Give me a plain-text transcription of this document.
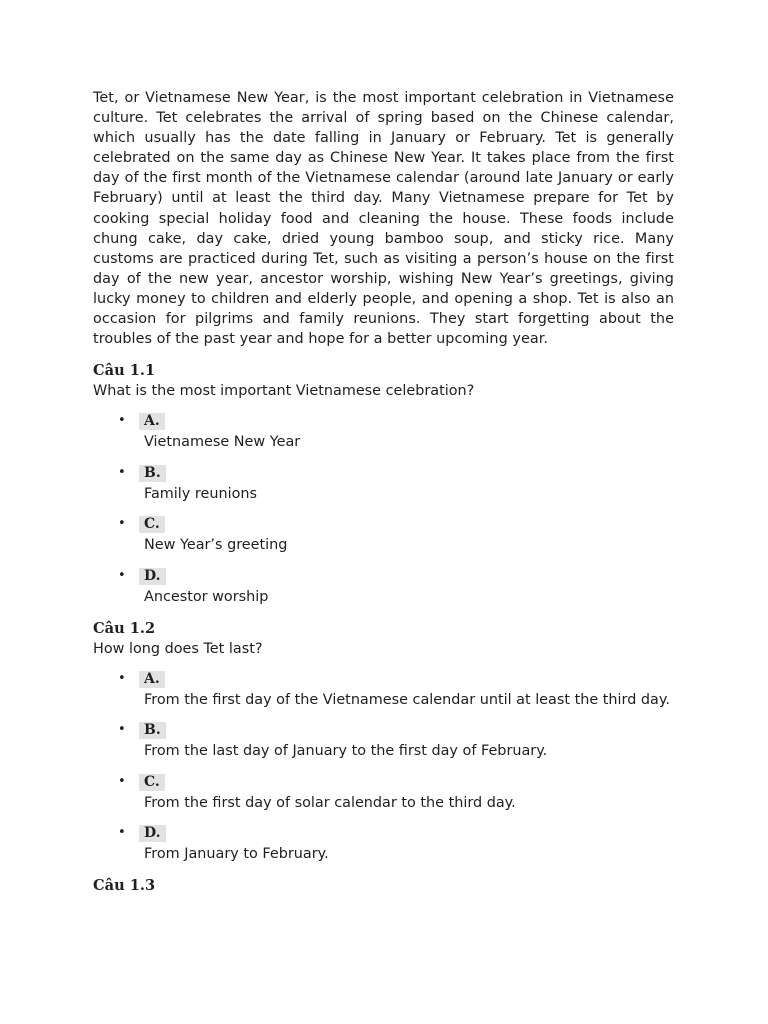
Tet, or Vietnamese New Year, is the most important celebration in Vietnamese culture. Tet celebrates the arrival of spring based on the Chinese calendar, which usually has the date falling in January or February. Tet is generally celebrated on the same day as Chinese New Year. It takes place from the first day of the first month of the Vietnamese calendar (around late January or early February) until at least the third day. Many Vietnamese prepare for Tet by cooking special holiday food and cleaning the house. These foods include chung cake, day cake, dried young bamboo soup, and sticky rice. Many customs are practiced during Tet, such as visiting a person’s house on the first day of the new year, ancestor worship, wishing New Year’s greetings, giving lucky money to children and elderly people, and opening a shop. Tet is also an occasion for pilgrims and family reunions. They start forgetting about the troubles of the past year and hope for a better upcoming year.

Câu 1.1

What is the most important Vietnamese celebration?

• A.
Vietnamese New Year
• B.
Family reunions
• C.
New Year’s greeting
• D.
Ancestor worship

Câu 1.2

How long does Tet last?

• A.
From the first day of the Vietnamese calendar until at least the third day.
• B.
From the last day of January to the first day of February.
• C.
From the first day of solar calendar to the third day.
• D.
From January to February.

Câu 1.3
